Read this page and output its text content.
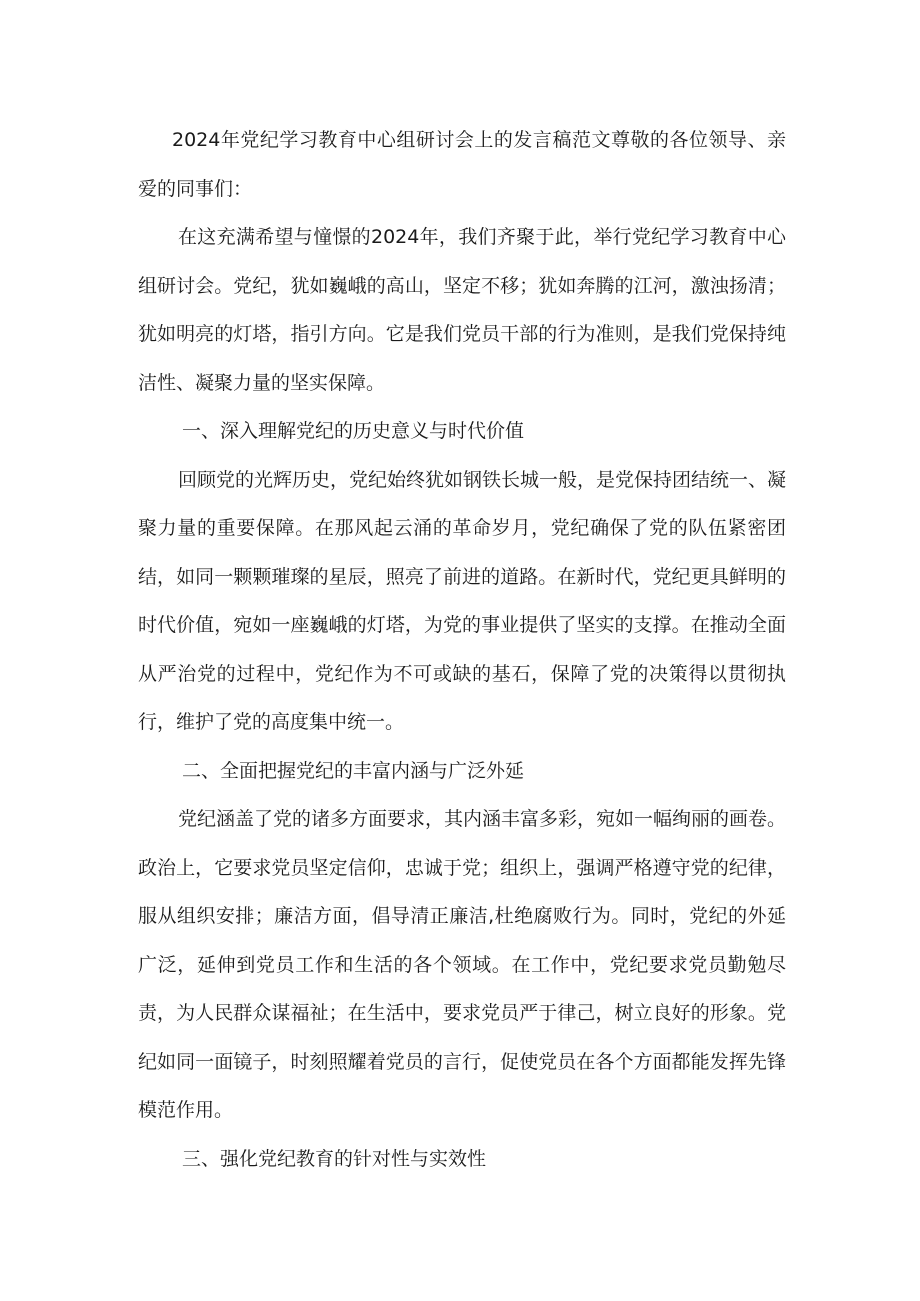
2024年党纪学习教育中心组研讨会上的发言稿范文尊敬的各位领导、亲爱的同事们：

在这充满希望与憧憬的2024年，我们齐聚于此，举行党纪学习教育中心组研讨会。党纪，犹如巍峨的高山，坚定不移；犹如奔腾的江河，激浊扬清；犹如明亮的灯塔，指引方向。它是我们党员干部的行为准则，是我们党保持纯洁性、凝聚力量的坚实保障。

一、深入理解党纪的历史意义与时代价值

回顾党的光辉历史，党纪始终犹如钢铁长城一般，是党保持团结统一、凝聚力量的重要保障。在那风起云涌的革命岁月，党纪确保了党的队伍紧密团结，如同一颗颗璀璨的星辰，照亮了前进的道路。在新时代，党纪更具鲜明的时代价值，宛如一座巍峨的灯塔，为党的事业提供了坚实的支撑。在推动全面从严治党的过程中，党纪作为不可或缺的基石，保障了党的决策得以贯彻执行，维护了党的高度集中统一。

二、全面把握党纪的丰富内涵与广泛外延

党纪涵盖了党的诸多方面要求，其内涵丰富多彩，宛如一幅绚丽的画卷。政治上，它要求党员坚定信仰，忠诚于党；组织上，强调严格遵守党的纪律，服从组织安排；廉洁方面，倡导清正廉洁,杜绝腐败行为。同时，党纪的外延广泛，延伸到党员工作和生活的各个领域。在工作中，党纪要求党员勤勉尽责，为人民群众谋福祉；在生活中，要求党员严于律己，树立良好的形象。党纪如同一面镜子，时刻照耀着党员的言行，促使党员在各个方面都能发挥先锋模范作用。

三、强化党纪教育的针对性与实效性
